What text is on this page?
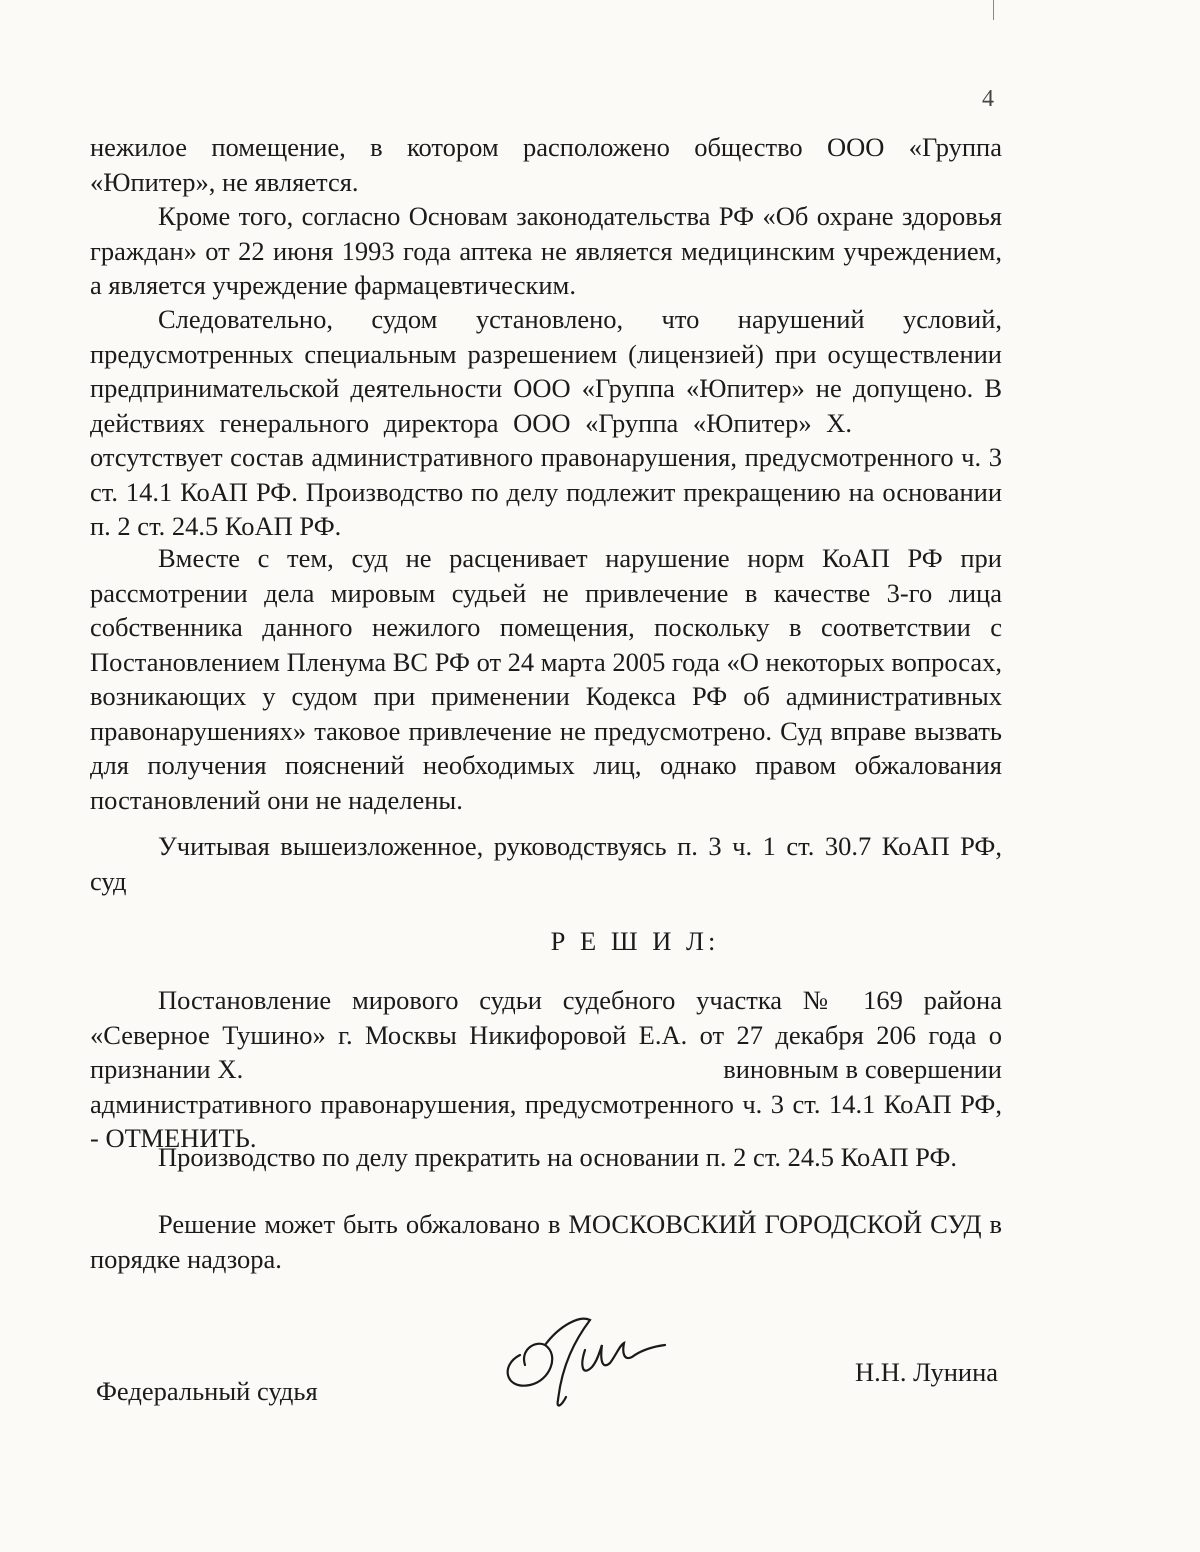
4
нежилое помещение, в котором расположено общество ООО «Группа «Юпитер», не является.
Кроме того, согласно Основам законодательства РФ «Об охране здоровья граждан» от 22 июня 1993 года аптека не является медицинским учреждением, а является учреждение фармацевтическим.
Следовательно, судом установлено, что нарушений условий, предусмотренных специальным разрешением (лицензией) при осуществлении предпринимательской деятельности ООО «Группа «Юпитер» не допущено. В действиях генерального директора ООО «Группа «Юпитер» Х.отсутствует состав административного правонарушения, предусмотренного ч. 3 ст. 14.1 КоАП РФ. Производство по делу подлежит прекращению на основании п. 2 ст. 24.5 КоАП РФ.
Вместе с тем, суд не расценивает нарушение норм КоАП РФ при рассмотрении дела мировым судьей не привлечение в качестве 3-го лица собственника данного нежилого помещения, поскольку в соответствии с Постановлением Пленума ВС РФ от 24 марта 2005 года «О некоторых вопросах, возникающих у судом при применении Кодекса РФ об административных правонарушениях» таковое привлечение не предусмотрено. Суд вправе вызвать для получения пояснений необходимых лиц, однако правом обжалования постановлений они не наделены.
Учитывая вышеизложенное, руководствуясь п. 3 ч. 1 ст. 30.7 КоАП РФ, суд
Р Е Ш И Л:
Постановление мирового судьи судебного участка № 169 района «Северное Тушино» г. Москвы Никифоровой Е.А. от 27 декабря 206 года о признании Х.	виновным в совершении административного правонарушения, предусмотренного ч. 3 ст. 14.1 КоАП РФ, - ОТМЕНИТЬ.
Производство по делу прекратить на основании п. 2 ст. 24.5 КоАП РФ.
Решение может быть обжаловано в МОСКОВСКИЙ ГОРОДСКОЙ СУД в порядке надзора.
Федеральный судья
Н.Н. Лунина
